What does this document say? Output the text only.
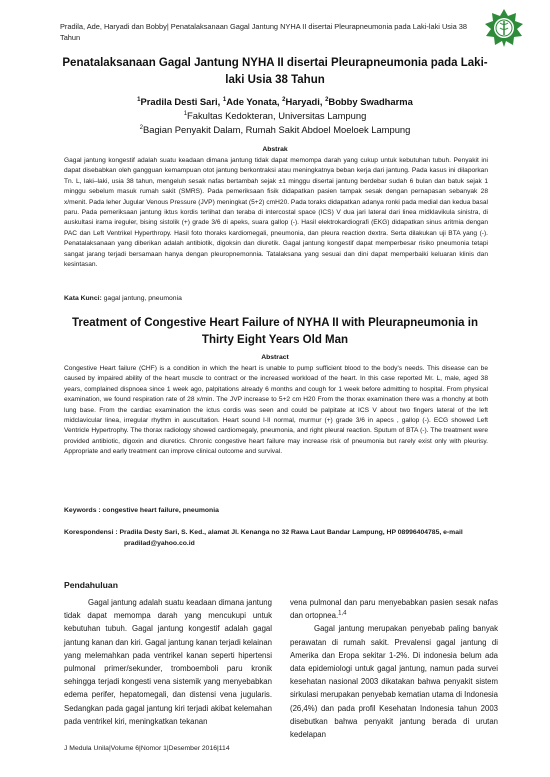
Pradila, Ade, Haryadi dan Bobby| Penatalaksanaan Gagal Jantung NYHA II disertai Pleurapneumonia pada Laki-laki Usia 38 Tahun
Penatalaksanaan Gagal Jantung NYHA II disertai Pleurapneumonia pada Laki-laki Usia 38 Tahun
$^1$Pradila Desti Sari, $^1$Ade Yonata, $^2$Haryadi, $^2$Bobby Swadharma
$^1$Fakultas Kedokteran, Universitas Lampung
$^2$Bagian Penyakit Dalam, Rumah Sakit Abdoel Moeloek Lampung
Abstrak
Gagal jantung kongestif adalah suatu keadaan dimana jantung tidak dapat memompa darah yang cukup untuk kebutuhan tubuh. Penyakit ini dapat disebabkan oleh gangguan kemampuan otot jantung berkontraksi atau meningkatnya beban kerja dari jantung. Pada kasus ini dilaporkan Tn. L, laki–laki, usia 38 tahun, mengeluh sesak nafas bertambah sejak ±1 minggu disertai jantung berdebar sudah 6 bulan dan batuk sejak 1 minggu sebelum masuk rumah sakit (SMRS). Pada pemeriksaan fisik didapatkan pasien tampak sesak dengan pernapasan sebanyak 28 x/menit. Pada leher Jugular Venous Pressure (JVP) meningkat (5+2) cmH20. Pada toraks didapatkan adanya ronki pada medial dan kedua basal paru. Pada pemeriksaan jantung iktus kordis terlihat dan teraba di intercostal space (ICS) V dua jari lateral dari linea midklavikula sinistra, di auskultasi irama ireguler, bising sistolik (+) grade 3/6 di apeks, suara gallop (-). Hasil elektrokardiografi (EKG) didapatkan sinus aritmia dengan PAC dan Left Ventrikel Hyperthropy. Hasil foto thoraks kardiomegali, pneumonia, dan pleura reaction dextra. Serta dilakukan uji BTA yang (-). Penatalaksanaan yang diberikan adalah antibiotik, digoksin dan diuretik. Gagal jantung kongestif dapat memperbesar risiko pneumonia tetapi sangat jarang terjadi bersamaan hanya dengan pleuropnemonnia. Tatalaksana yang sesuai dan dini dapat memperbaiki keluaran klinis dan kesintasan.
Kata Kunci: gagal jantung, pneumonia
Treatment of Congestive Heart Failure of NYHA II with Pleurapneumonia in Thirty Eight Years Old Man
Abstract
Congestive Heart failure (CHF) is a condition in which the heart is unable to pump sufficient blood to the body's needs. This disease can be caused by impaired ability of the heart muscle to contract or the increased workload of the heart. In this case reported Mr. L, male, aged 38 years, complained dispnoea since 1 week ago, palpitations already 6 months and cough for 1 week before admitting to hospital. From physical examination, we found respiration rate of 28 x/min. The JVP increase to 5+2 cm H20 From the thorax examination there was a rhonchy at both lung base. From the cardiac examination the ictus cordis was seen and could be palpitate at ICS V about two fingers lateral of the left midclavicular linea, irregular rhythm in auscultation. Heart sound I-II normal, murmur (+) grade 3/6 in apecs , gallop (-). ECG showed Left Ventricle Hypertrophy. The thorax radiology showed cardiomegaly, pneumonia, and right pleural reaction. Sputum of BTA (-). The treatment were provided antibiotic, digoxin and diuretics. Chronic congestive heart failure may increase risk of pneumonia but rarely exist only with pleurisy. Appropriate and early treatment can improve clinical outcome and survival.
Keywords : congestive heart failure, pneumonia
Korespondensi : Pradila Desty Sari, S. Ked., alamat Jl. Kenanga no 32 Rawa Laut Bandar Lampung, HP 08996404785, e-mail
pradilad@yahoo.co.id
Pendahuluan
Gagal jantung adalah suatu keadaan dimana jantung tidak dapat memompa darah yang mencukupi untuk kebutuhan tubuh. Gagal jantung kongestif adalah gagal jantung kanan dan kiri. Gagal jantung kanan terjadi kelainan yang melemahkan pada ventrikel kanan seperti hipertensi pulmonal primer/sekunder, tromboemboli paru kronik sehingga terjadi kongesti vena sistemik yang menyebabkan edema perifer, hepatomegali, dan distensi vena jugularis. Sedangkan pada gagal jantung kiri terjadi akibat kelemahan pada ventrikel kiri, meningkatkan tekanan
vena pulmonal dan paru menyebabkan pasien sesak nafas dan ortopnea.$^{1,4}$
Gagal jantung merupakan penyebab paling banyak perawatan di rumah sakit. Prevalensi gagal jantung di Amerika dan Eropa sekitar 1-2%. Di indonesia belum ada data epidemiologi untuk gagal jantung, namun pada survei kesehatan nasional 2003 dikatakan bahwa penyakit sistem sirkulasi merupakan penyebab kematian utama di Indonesia (26,4%) dan pada profil Kesehatan Indonesia tahun 2003 disebutkan bahwa penyakit jantung berada di urutan kedelapan
J Medula Unila|Volume 6|Nomor 1|Desember 2016|114
